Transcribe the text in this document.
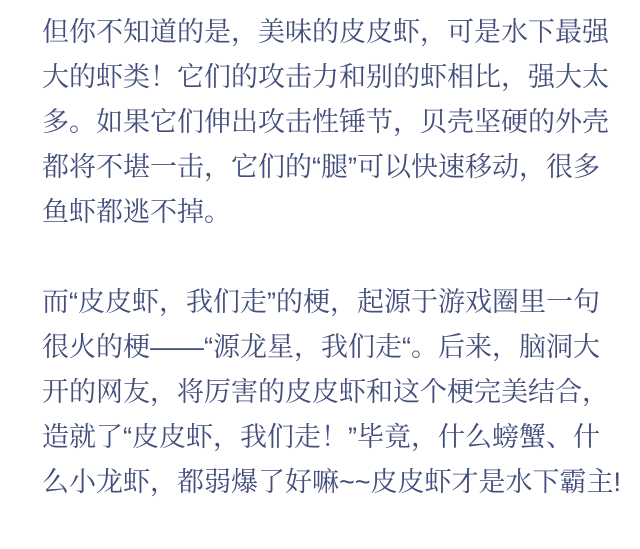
但你不知道的是，美味的皮皮虾，可是水下最强
大的虾类！它们的攻击力和别的虾相比，强大太
多。如果它们伸出攻击性锤节，贝壳坚硬的外壳
都将不堪一击，它们的“腿”可以快速移动，很多
鱼虾都逃不掉。
而“皮皮虾，我们走”的梗，起源于游戏圈里一句
很火的梗——“源龙星，我们走“。后来，脑洞大
开的网友，将厉害的皮皮虾和这个梗完美结合，
造就了“皮皮虾，我们走！”毕竟，什么螃蟹、什
么小龙虾，都弱爆了好嘛~~皮皮虾才是水下霸主!
